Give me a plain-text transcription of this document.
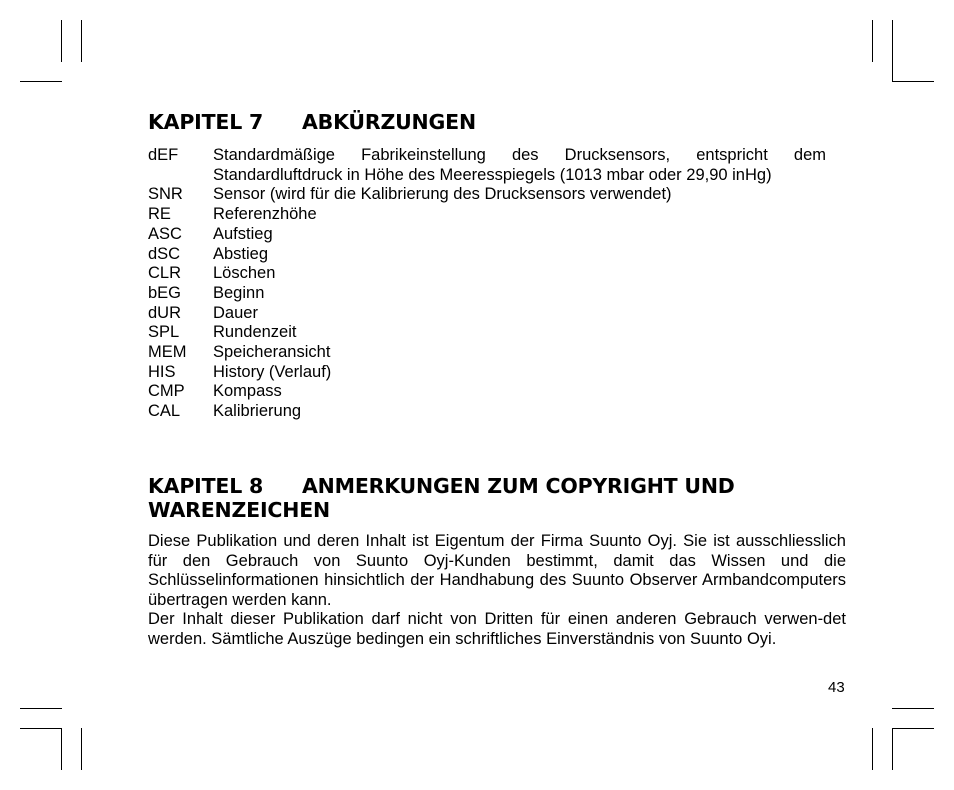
KAPITEL 7 ABKÜRZUNGEN
dEF	Standardmäßige Fabrikeinstellung des Drucksensors, entspricht dem Standardluftdruck in Höhe des Meeresspiegels (1013 mbar oder 29,90 inHg)
SNR	Sensor (wird für die Kalibrierung des Drucksensors verwendet)
RE	Referenzhöhe
ASC	Aufstieg
dSC	Abstieg
CLR	Löschen
bEG	Beginn
dUR	Dauer
SPL	Rundenzeit
MEM	Speicheransicht
HIS	History (Verlauf)
CMP	Kompass
CAL	Kalibrierung
KAPITEL 8 ANMERKUNGEN ZUM COPYRIGHT UND WARENZEICHEN

Diese Publikation und deren Inhalt ist Eigentum der Firma Suunto Oyj. Sie ist ausschliesslich für den Gebrauch von Suunto Oyj-Kunden bestimmt, damit das Wissen und die Schlüsselinformationen hinsichtlich der Handhabung des Suunto Observer Armbandcomputers übertragen werden kann.

Der Inhalt dieser Publikation darf nicht von Dritten für einen anderen Gebrauch verwen-det werden. Sämtliche Auszüge bedingen ein schriftliches Einverständnis von Suunto Oyi.

43
